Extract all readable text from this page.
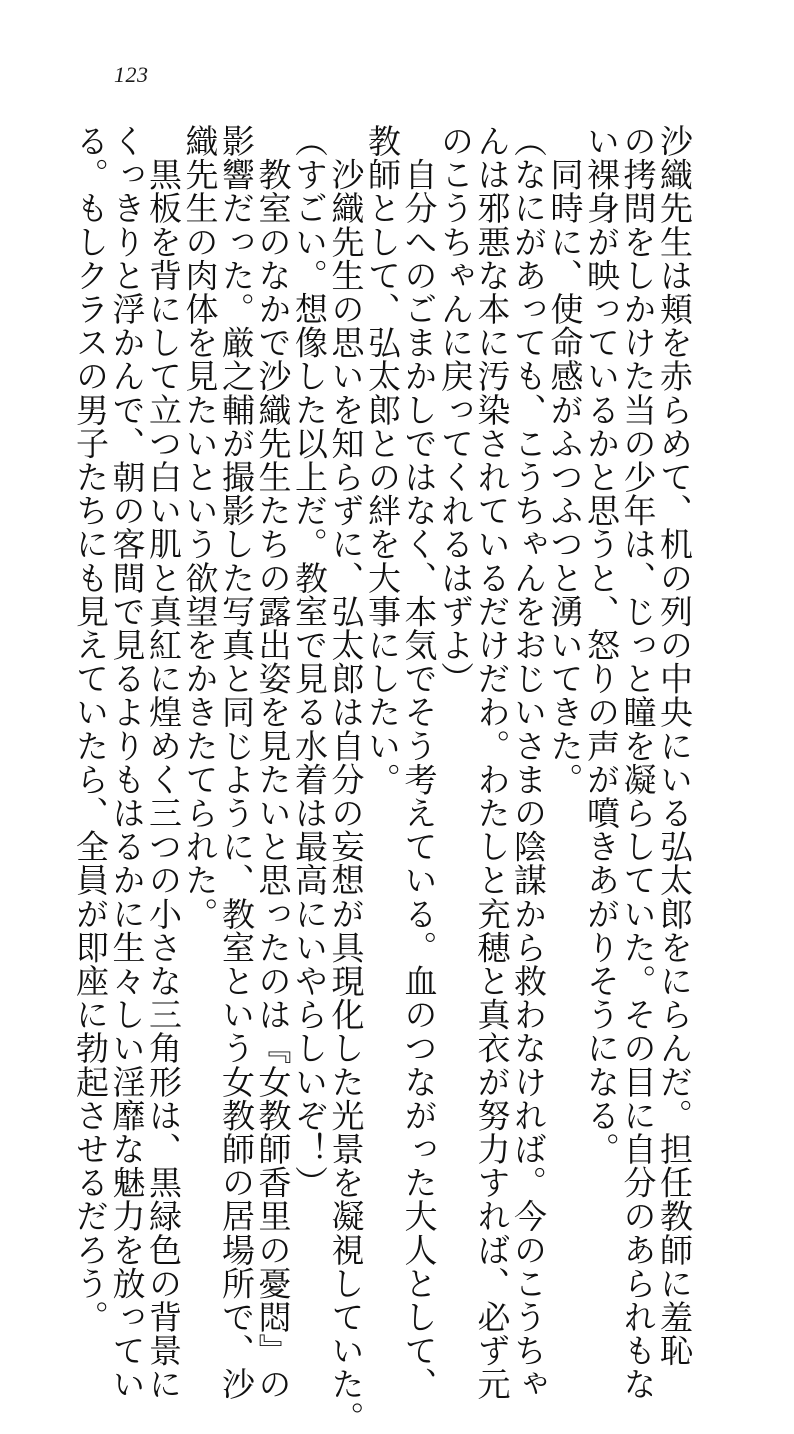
123
沙織先生は頬を赤らめて、机の列の中央にいる弘太郎をにらんだ。担任教師に羞恥
の拷問をしかけた当の少年は、じっと瞳を凝らしていた。その目に自分のあられもな
い裸身が映っているかと思うと、怒りの声が噴きあがりそうになる。
　同時に、使命感がふつふつと湧いてきた。
（なにがあっても、こうちゃんをおじいさまの陰謀から救わなければ。今のこうちゃ
んは邪悪な本に汚染されているだけだわ。わたしと充穂と真衣が努力すれば、必ず元
のこうちゃんに戻ってくれるはずよ）
　自分へのごまかしではなく、本気でそう考えている。血のつながった大人として、
教師として、弘太郎との絆を大事にしたい。
　沙織先生の思いを知らずに、弘太郎は自分の妄想が具現化した光景を凝視していた。
（すごい。想像した以上だ。教室で見る水着は最高にいやらしいぞ！）
　教室のなかで沙織先生たちの露出姿を見たいと思ったのは『女教師香里の憂悶』の
影響だった。厳之輔が撮影した写真と同じように、教室という女教師の居場所で、沙
織先生の肉体を見たいという欲望をかきたてられた。
　黒板を背にして立つ白い肌と真紅に煌めく三つの小さな三角形は、黒緑色の背景に
くっきりと浮かんで、朝の客間で見るよりもはるかに生々しい淫靡な魅力を放ってい
る。もしクラスの男子たちにも見えていたら、全員が即座に勃起させるだろう。
